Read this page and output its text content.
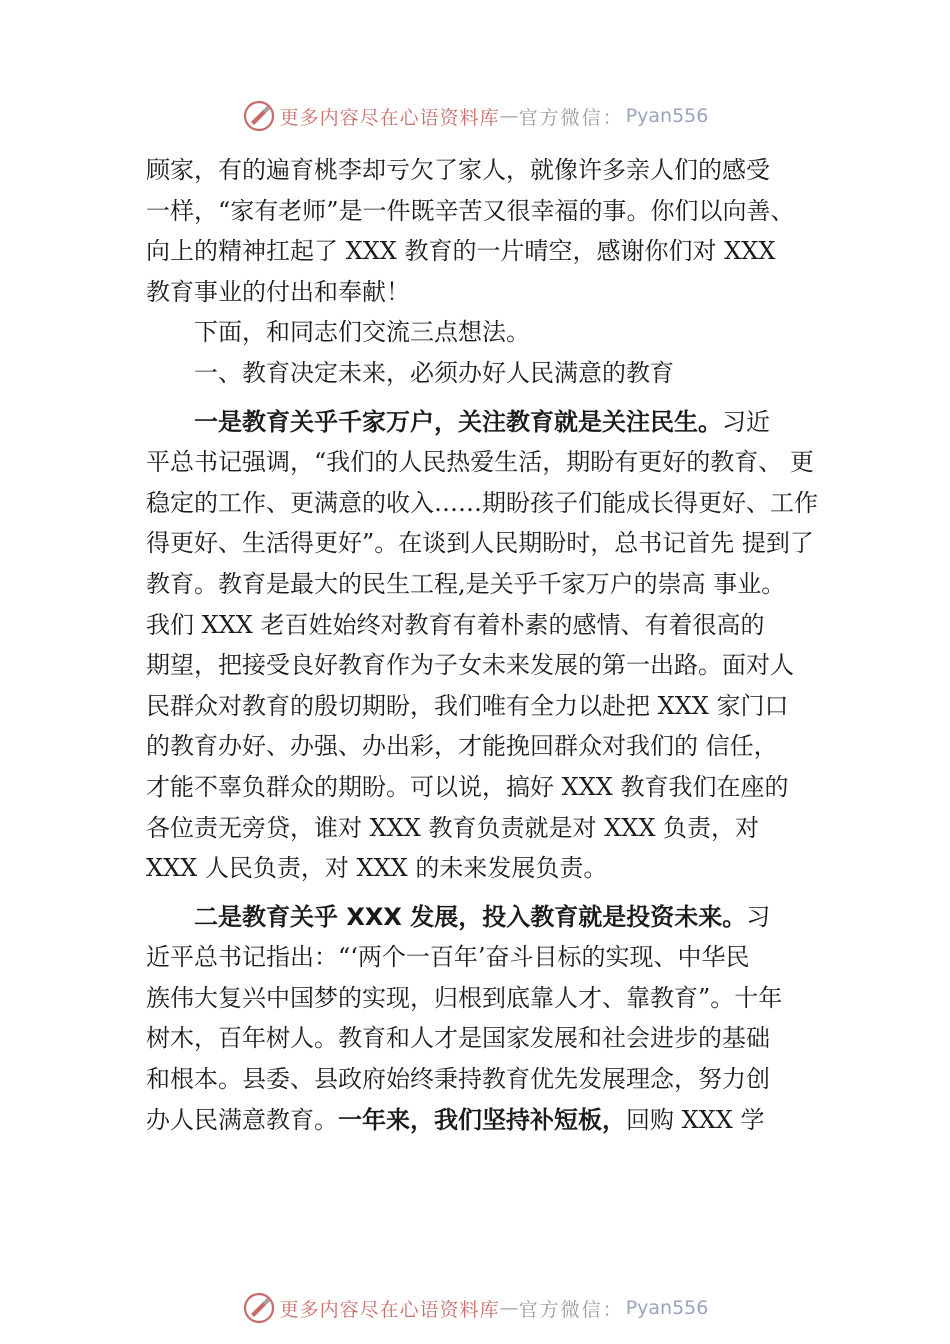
更多内容尽在心语资料库 — 官方微信： Pyan556
顾家，有的遍育桃李却亏欠了家人，就像许多亲人们的感受
一样，“家有老师”是一件既辛苦又很幸福的事。你们以向善、
向上的精神扛起了 XXX 教育的一片晴空，感谢你们对 XXX
教育事业的付出和奉献！
下面，和同志们交流三点想法。
一、教育决定未来，必须办好人民满意的教育
一是教育关乎千家万户，关注教育就是关注民生。习近
平总书记强调，“我们的人民热爱生活，期盼有更好的教育、 更
稳定的工作、更满意的收入……期盼孩子们能成长得更好、工作
得更好、生活得更好”。在谈到人民期盼时，总书记首先 提到了
教育。教育是最大的民生工程,是关乎千家万户的崇高 事业。
我们 XXX 老百姓始终对教育有着朴素的感情、有着很高的
期望，把接受良好教育作为子女未来发展的第一出路。面对人
民群众对教育的殷切期盼，我们唯有全力以赴把 XXX 家门口
的教育办好、办强、办出彩，才能挽回群众对我们的 信任，
才能不辜负群众的期盼。可以说，搞好 XXX 教育我们在座的
各位责无旁贷，谁对 XXX 教育负责就是对 XXX 负责，对
XXX 人民负责，对 XXX 的未来发展负责。
二是教育关乎 XXX 发展，投入教育就是投资未来。习
近平总书记指出：“‘两个一百年’奋斗目标的实现、中华民
族伟大复兴中国梦的实现，归根到底靠人才、靠教育”。十年
树木，百年树人。教育和人才是国家发展和社会进步的基础
和根本。县委、县政府始终秉持教育优先发展理念，努力创
办人民满意教育。一年来，我们坚持补短板，回购 XXX 学
更多内容尽在心语资料库 — 官方微信： Pyan556
